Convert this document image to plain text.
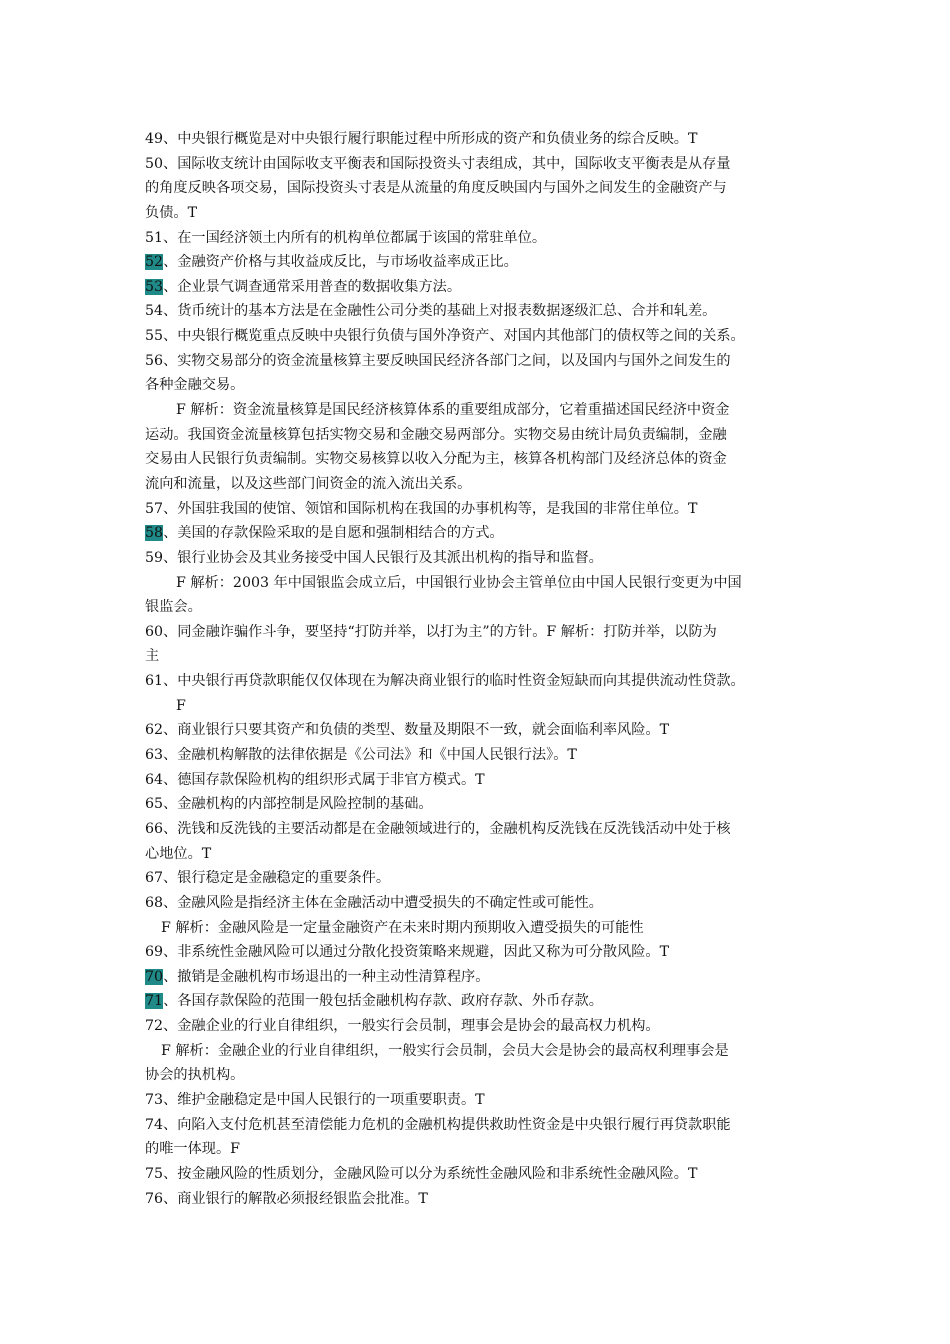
49、中央银行概览是对中央银行履行职能过程中所形成的资产和负债业务的综合反映。T
50、国际收支统计由国际收支平衡表和国际投资头寸表组成，其中，国际收支平衡表是从存量
的角度反映各项交易，国际投资头寸表是从流量的角度反映国内与国外之间发生的金融资产与
负债。T
51、在一国经济领土内所有的机构单位都属于该国的常驻单位。
52、金融资产价格与其收益成反比，与市场收益率成正比。
53、企业景气调查通常采用普查的数据收集方法。
54、货币统计的基本方法是在金融性公司分类的基础上对报表数据逐级汇总、合并和轧差。
55、中央银行概览重点反映中央银行负债与国外净资产、对国内其他部门的债权等之间的关系。
56、实物交易部分的资金流量核算主要反映国民经济各部门之间，以及国内与国外之间发生的
各种金融交易。
F 解析：资金流量核算是国民经济核算体系的重要组成部分，它着重描述国民经济中资金
运动。我国资金流量核算包括实物交易和金融交易两部分。实物交易由统计局负责编制，金融
交易由人民银行负责编制。实物交易核算以收入分配为主，核算各机构部门及经济总体的资金
流向和流量，以及这些部门间资金的流入流出关系。
57、外国驻我国的使馆、领馆和国际机构在我国的办事机构等，是我国的非常住单位。T
58、美国的存款保险采取的是自愿和强制相结合的方式。
59、银行业协会及其业务接受中国人民银行及其派出机构的指导和监督。
F 解析：2003 年中国银监会成立后，中国银行业协会主管单位由中国人民银行变更为中国
银监会。
60、同金融诈骗作斗争，要坚持“打防并举，以打为主”的方针。F 解析：打防并举，以防为
主
61、中央银行再贷款职能仅仅体现在为解决商业银行的临时性资金短缺而向其提供流动性贷款。
F
62、商业银行只要其资产和负债的类型、数量及期限不一致，就会面临利率风险。T
63、金融机构解散的法律依据是《公司法》和《中国人民银行法》。T
64、德国存款保险机构的组织形式属于非官方模式。T
65、金融机构的内部控制是风险控制的基础。
66、洗钱和反洗钱的主要活动都是在金融领域进行的，金融机构反洗钱在反洗钱活动中处于核
心地位。T
67、银行稳定是金融稳定的重要条件。
68、金融风险是指经济主体在金融活动中遭受损失的不确定性或可能性。
F 解析：金融风险是一定量金融资产在未来时期内预期收入遭受损失的可能性
69、非系统性金融风险可以通过分散化投资策略来规避，因此又称为可分散风险。T
70、撤销是金融机构市场退出的一种主动性清算程序。
71、各国存款保险的范围一般包括金融机构存款、政府存款、外币存款。
72、金融企业的行业自律组织，一般实行会员制，理事会是协会的最高权力机构。
F 解析：金融企业的行业自律组织，一般实行会员制，会员大会是协会的最高权利理事会是
协会的执机构。
73、维护金融稳定是中国人民银行的一项重要职责。T
74、向陷入支付危机甚至清偿能力危机的金融机构提供救助性资金是中央银行履行再贷款职能
的唯一体现。F
75、按金融风险的性质划分，金融风险可以分为系统性金融风险和非系统性金融风险。T
76、商业银行的解散必须报经银监会批准。T
